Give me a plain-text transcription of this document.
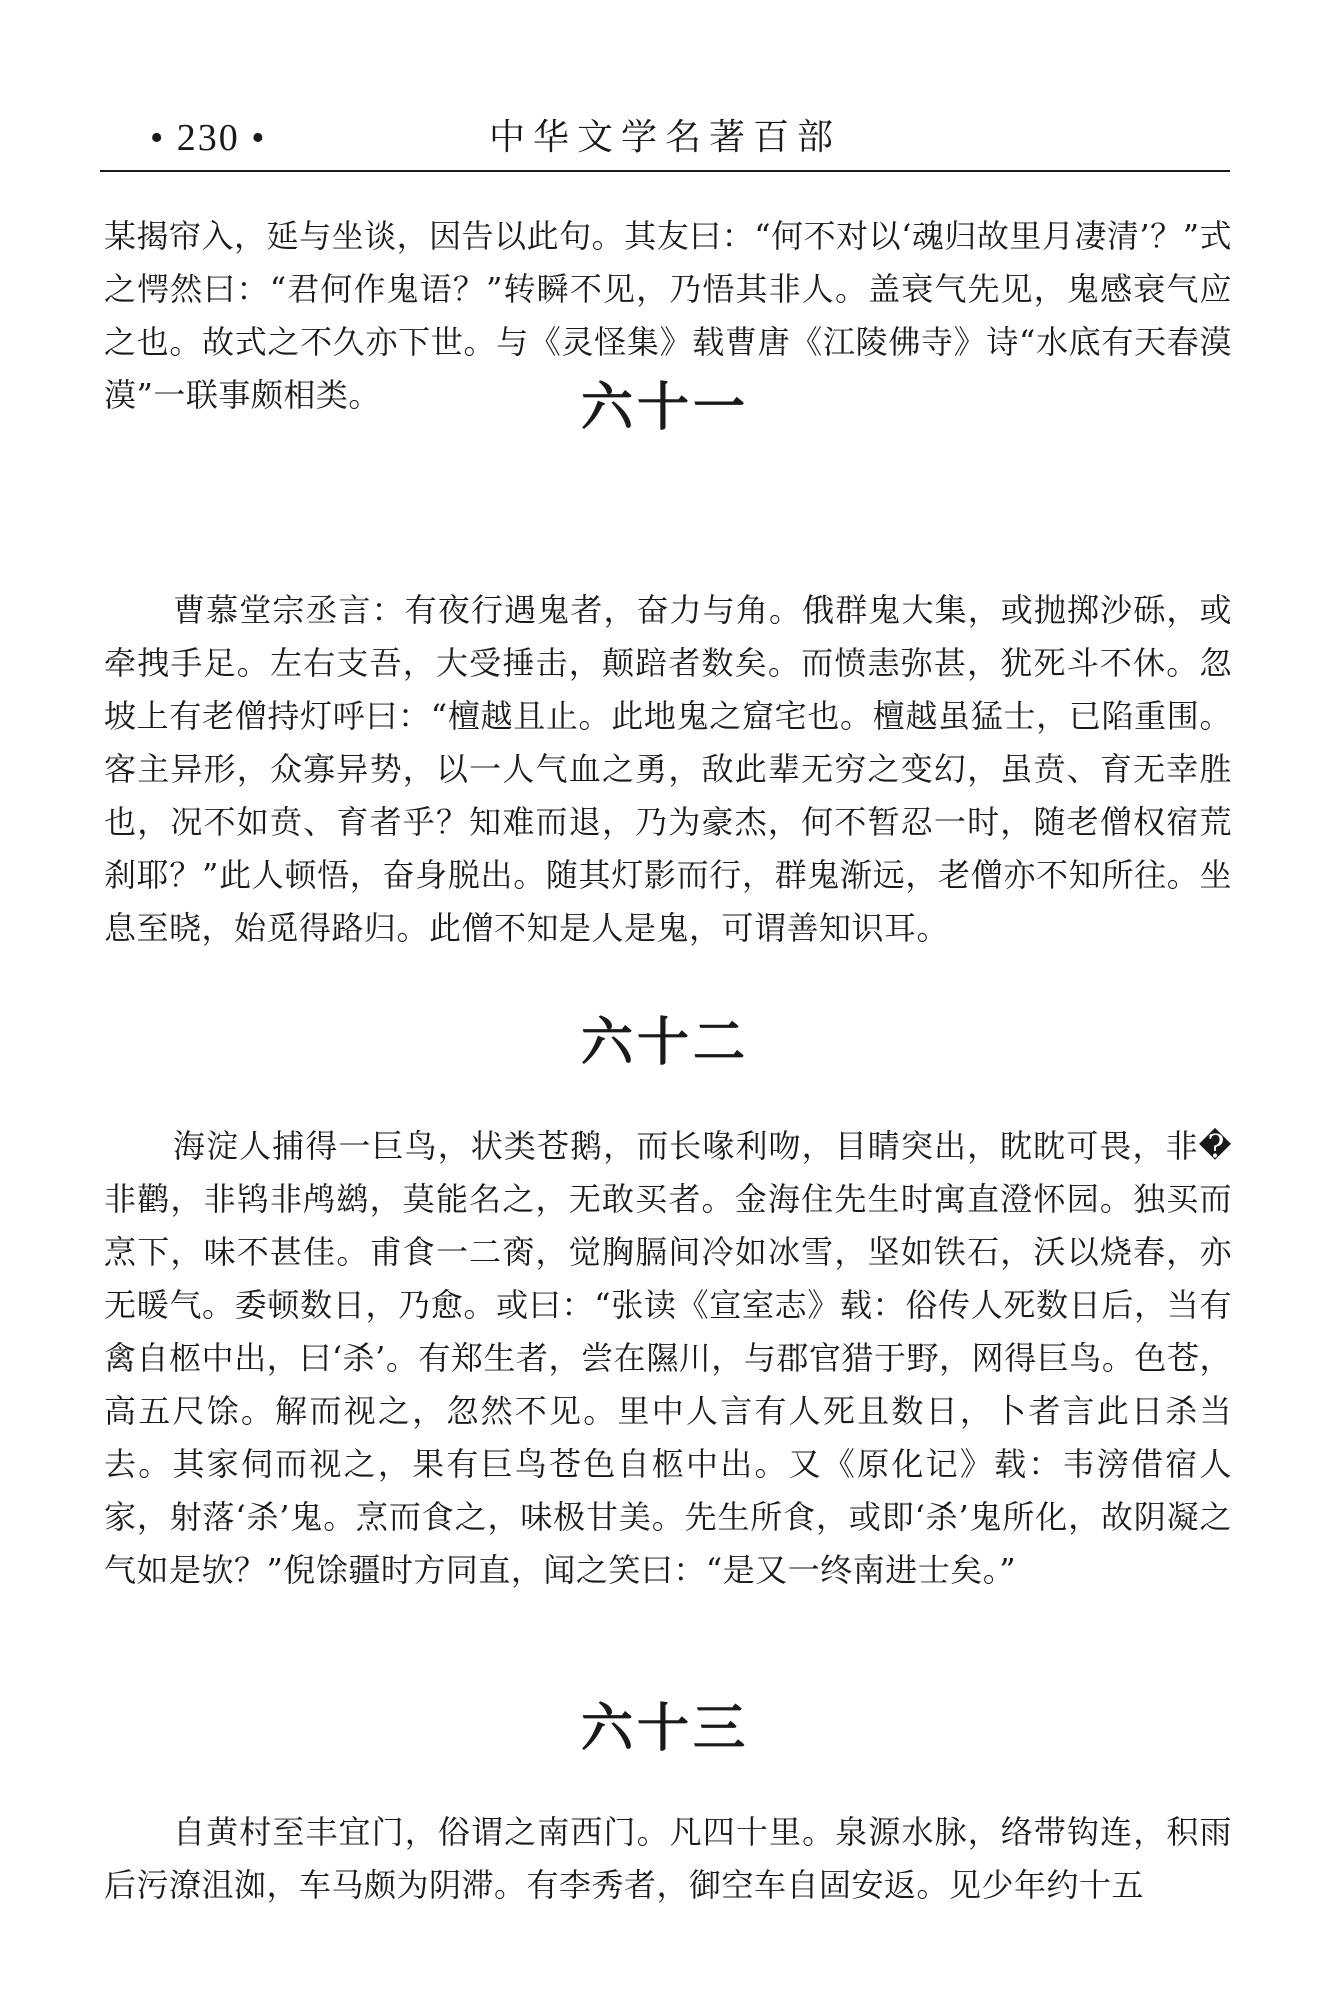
• 230 •	中华文学名著百部

某揭帘入，延与坐谈，因告以此句。其友曰：“何不对以‘魂归故里月凄清’？”式之愕然曰：“君何作鬼语？”转瞬不见，乃悟其非人。盖衰气先见，鬼感衰气应之也。故式之不久亦下世。与《灵怪集》载曹唐《江陵佛寺》诗“水底有天春漠漠”一联事颇相类。	六十一

曹慕堂宗丞言：有夜行遇鬼者，奋力与角。俄群鬼大集，或抛掷沙砾，或牵拽手足。左右支吾，大受捶击，颠踣者数矣。而愤恚弥甚，犹死斗不休。忽坡上有老僧持灯呼曰：“檀越且止。此地鬼之窟宅也。檀越虽猛士，已陷重围。客主异形，众寡异势，以一人气血之勇，敌此辈无穷之变幻，虽贲、育无幸胜也，况不如贲、育者乎？知难而退，乃为豪杰，何不暂忍一时，随老僧权宿荒刹耶？”此人顿悟，奋身脱出。随其灯影而行，群鬼渐远，老僧亦不知所往。坐息至晓，始觅得路归。此僧不知是人是鬼，可谓善知识耳。

六十二

海淀人捕得一巨鸟，状类苍鹅，而长喙利吻，目睛突出，眈眈可畏，非�非鹳，非鸨非鸬鹚，莫能名之，无敢买者。金海住先生时寓直澄怀园。独买而烹下，味不甚佳。甫食一二脔，觉胸膈间冷如冰雪，坚如铁石，沃以烧春，亦无暖气。委顿数日，乃愈。或曰：“张读《宣室志》载：俗传人死数日后，当有禽自柩中出，曰‘杀’。有郑生者，尝在隰川，与郡官猎于野，网得巨鸟。色苍，高五尺馀。解而视之，忽然不见。里中人言有人死且数日，卜者言此日杀当去。其家伺而视之，果有巨鸟苍色自柩中出。又《原化记》载：韦滂借宿人家，射落‘杀’鬼。烹而食之，味极甘美。先生所食，或即‘杀’鬼所化，故阴凝之气如是欤？”倪馀疆时方同直，闻之笑曰：“是又一终南进士矣。”

六十三

自黄村至丰宜门，俗谓之南西门。凡四十里。泉源水脉，络带钩连，积雨后污潦沮洳，车马颇为阴滞。有李秀者，御空车自固安返。见少年约十五
